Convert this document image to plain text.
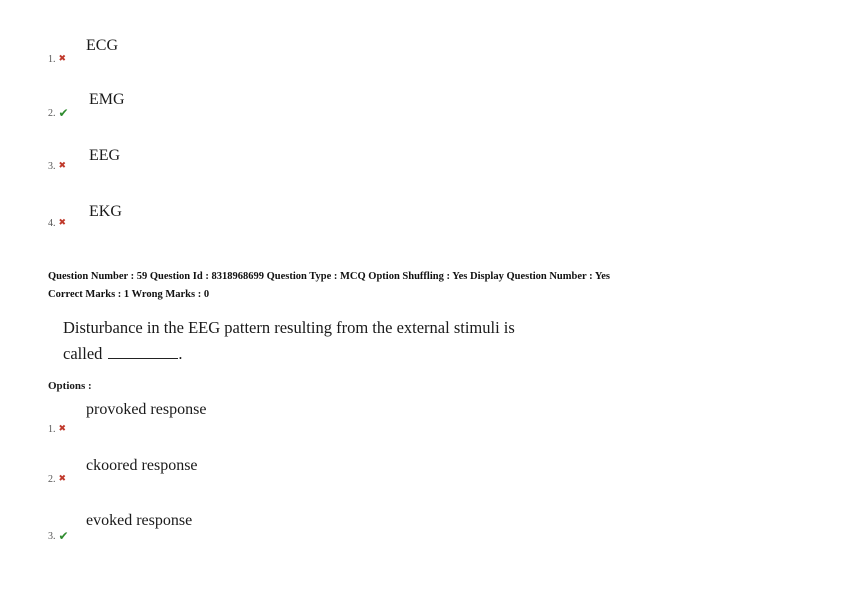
ECG
1. ✖
EMG
2. ✔
EEG
3. ✖
EKG
4. ✖
Question Number : 59 Question Id : 8318968699 Question Type : MCQ Option Shuffling : Yes Display Question Number : Yes
Correct Marks : 1 Wrong Marks : 0
Disturbance in the EEG pattern resulting from the external stimuli is
called	.
Options :
provoked response
1. ✖
ckoored response
2. ✖
evoked response
3. ✔
